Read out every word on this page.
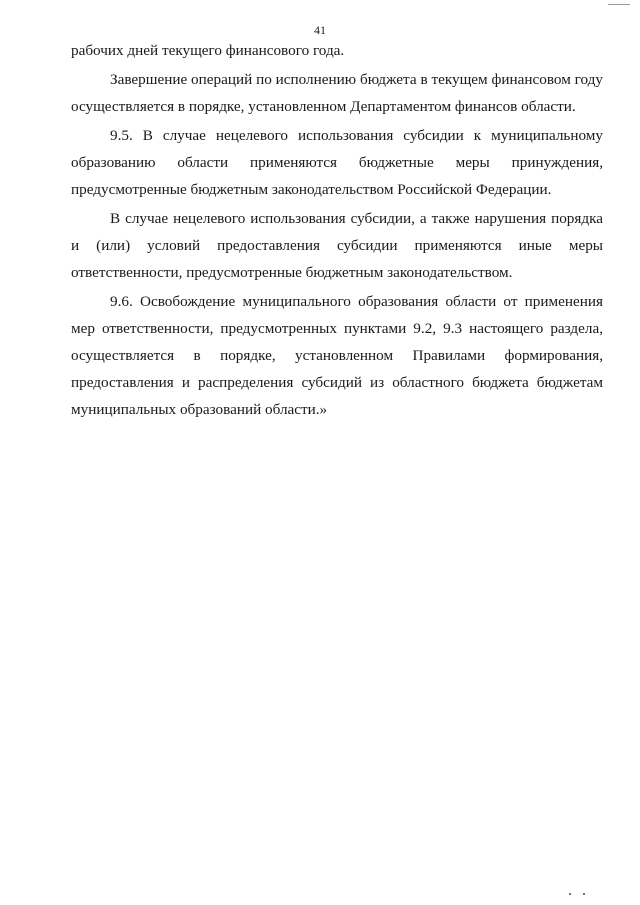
41

рабочих дней текущего финансового года.

Завершение операций по исполнению бюджета в текущем финансовом году осуществляется в порядке, установленном Департаментом финансов области.

9.5. В случае нецелевого использования субсидии к муниципальному образованию области применяются бюджетные меры принуждения, предусмотренные бюджетным законодательством Российской Федерации.

В случае нецелевого использования субсидии, а также нарушения порядка и (или) условий предоставления субсидии применяются иные меры ответственности, предусмотренные бюджетным законодательством.

9.6. Освобождение муниципального образования области от применения мер ответственности, предусмотренных пунктами 9.2, 9.3 настоящего раздела, осуществляется в порядке, установленном Правилами формирования, предоставления и распределения субсидий из областного бюджета бюджетам муниципальных образований области.»
